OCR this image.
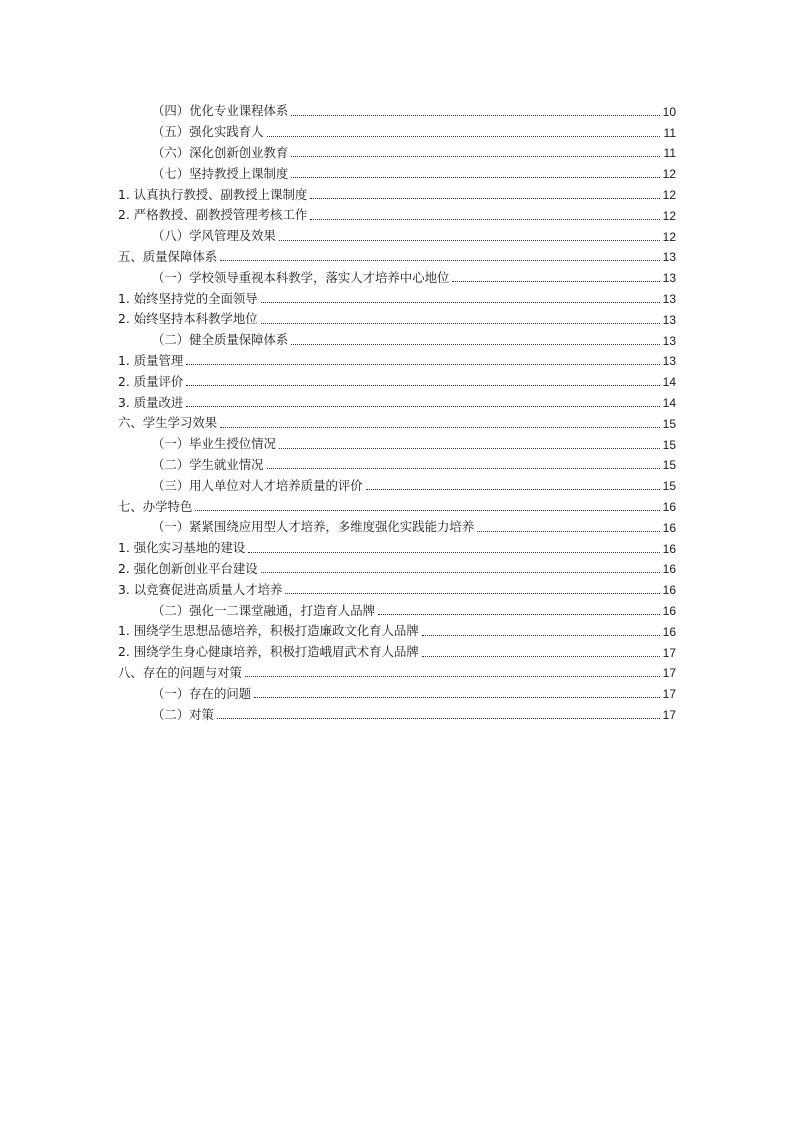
（四）优化专业课程体系	10
（五）强化实践育人	11
（六）深化创新创业教育	11
（七）坚持教授上课制度	12
1. 认真执行教授、副教授上课制度	12
2. 严格教授、副教授管理考核工作	12
（八）学风管理及效果	12
五、质量保障体系	13
（一）学校领导重视本科教学，落实人才培养中心地位	13
1. 始终坚持党的全面领导	13
2. 始终坚持本科教学地位	13
（二）健全质量保障体系	13
1. 质量管理	13
2. 质量评价	14
3. 质量改进	14
六、学生学习效果	15
（一）毕业生授位情况	15
（二）学生就业情况	15
（三）用人单位对人才培养质量的评价	15
七、办学特色	16
（一）紧紧围绕应用型人才培养，多维度强化实践能力培养	16
1. 强化实习基地的建设	16
2. 强化创新创业平台建设	16
3. 以竞赛促进高质量人才培养	16
（二）强化一二课堂融通，打造育人品牌	16
1. 围绕学生思想品德培养，积极打造廉政文化育人品牌	16
2. 围绕学生身心健康培养，积极打造峨眉武术育人品牌	17
八、存在的问题与对策	17
（一）存在的问题	17
（二）对策	17
